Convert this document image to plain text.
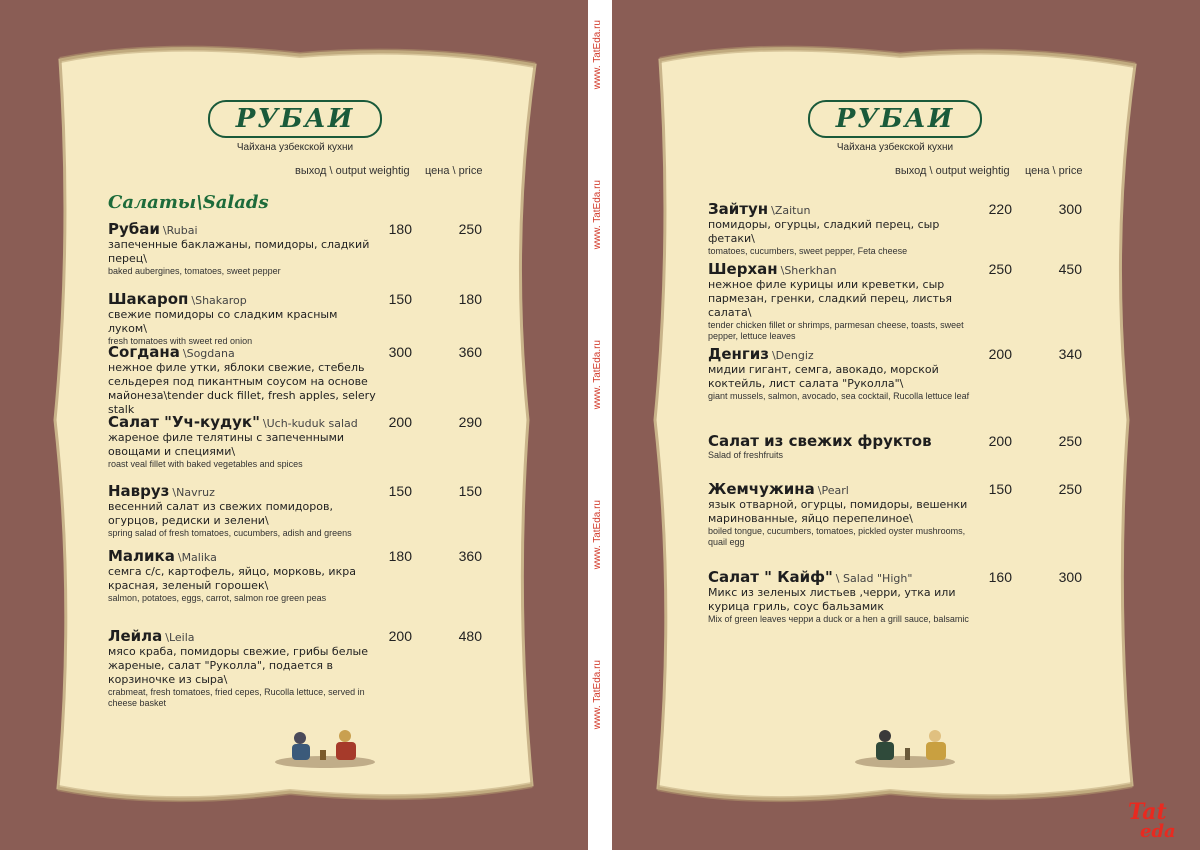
www. TatEda.ru
www. TatEda.ru
www. TatEda.ru
www. TatEda.ru
www. TatEda.ru
РУБАИ
Чайхана узбекской кухни
выход \ output weightig цена \ price
Салаты\Salads
Рубаи \Rubai
запеченные баклажаны, помидоры, сладкий перец\
baked aubergines, tomatoes, sweet pepper
180	250
Шакароп \Shakarop
свежие помидоры со сладким красным луком\
fresh tomatoes with sweet red onion
150	180
Согдана \Sogdana
нежное филе утки, яблоки свежие, стебель сельдерея под пикантным соусом на основе майонеза\tender duck fillet, fresh apples, selery stalk
300	360
Салат "Уч-кудук" \Uch-kuduk salad
жареное филе телятины с запеченными овощами и специями\
roast veal fillet with baked vegetables and spices
200	290
Навруз \Navruz
весенний салат из свежих помидоров, огурцов, редиски и зелени\
spring salad of fresh tomatoes, cucumbers, adish and greens
150	150
Малика \Malika
семга с/с, картофель, яйцо, морковь, икра красная, зеленый горошек\
salmon, potatoes, eggs, carrot, salmon roe green peas
180	360
Лейла \Leila
мясо краба, помидоры свежие, грибы белые жареные, салат "Руколла", подается в корзиночке из сыра\
crabmeat, fresh tomatoes, fried cepes, Rucolla lettuce, served in cheese basket
200	480
РУБАИ
Чайхана узбекской кухни
выход \ output weightig цена \ price
Зайтун \Zaitun
помидоры, огурцы, сладкий перец, сыр фетаки\
tomatoes, cucumbers, sweet pepper, Feta cheese
220	300
Шерхан \Sherkhan
нежное филе курицы или креветки, сыр пармезан, гренки, сладкий перец, листья салата\
tender chicken fillet or shrimps, parmesan cheese, toasts, sweet pepper, lettuce leaves
250	450
Денгиз \Dengiz
мидии гигант, семга, авокадо, морской коктейль, лист салата "Руколла"\
giant mussels, salmon, avocado, sea cocktail, Rucolla lettuce leaf
200	340
Салат из свежих фруктов
Salad of freshfruits
200	250
Жемчужина \Pearl
язык отварной, огурцы, помидоры, вешенки маринованные, яйцо перепелиное\
boiled tongue, cucumbers, tomatoes, pickled oyster mushrooms, quail egg
150	250
Салат " Кайф" \ Salad "High"
Микс из зеленых листьев ,черри, утка или курица гриль, соус бальзамик
Mix of green leaves черри a duck or a hen a grill sauce, balsamic
160	300
Tat
eda
